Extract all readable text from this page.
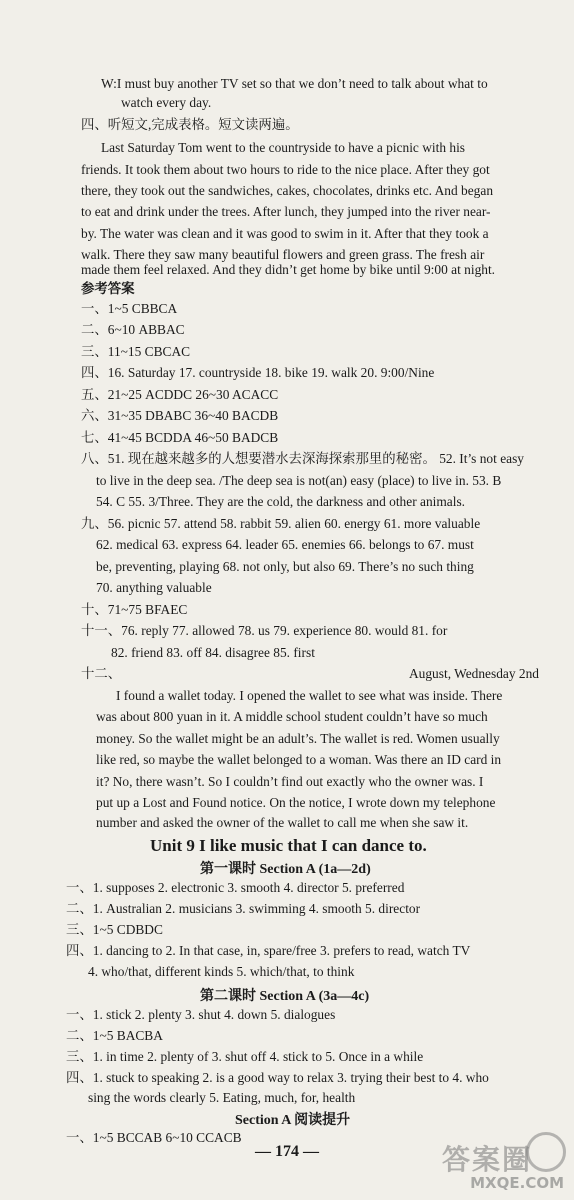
W:I must buy another TV set so that we don’t need to talk about what to
watch every day.
四、听短文,完成表格。短文读两遍。
Last Saturday Tom went to the countryside to have a picnic with his
friends. It took them about two hours to ride to the nice place. After they got
there, they took out the sandwiches, cakes, chocolates, drinks etc. And began
to eat and drink under the trees. After lunch, they jumped into the river near-
by. The water was clean and it was good to swim in it. After that they took a
walk. There they saw many beautiful flowers and green grass. The fresh air
made them feel relaxed. And they didn’t get home by bike until 9:00 at night.
参考答案
一、1~5 CBBCA
二、6~10 ABBAC
三、11~15 CBCAC
四、16. Saturday 17. countryside 18. bike 19. walk 20. 9:00/Nine
五、21~25 ACDDC 26~30 ACACC
六、31~35 DBABC 36~40 BACDB
七、41~45 BCDDA 46~50 BADCB
八、51. 现在越来越多的人想要潜水去深海探索那里的秘密。 52. It’s not easy
to live in the deep sea. /The deep sea is not(an) easy (place) to live in. 53. B
54. C 55. 3/Three. They are the cold, the darkness and other animals.
九、56. picnic 57. attend 58. rabbit 59. alien 60. energy 61. more valuable
62. medical 63. express 64. leader 65. enemies 66. belongs to 67. must
be, preventing, playing 68. not only, but also 69. There’s no such thing
70. anything valuable
十、71~75 BFAEC
十一、76. reply 77. allowed 78. us 79. experience 80. would 81. for
82. friend 83. off 84. disagree 85. first
十二、	August, Wednesday 2nd
I found a wallet today. I opened the wallet to see what was inside. There
was about 800 yuan in it. A middle school student couldn’t have so much
money. So the wallet might be an adult’s. The wallet is red. Women usually
like red, so maybe the wallet belonged to a woman. Was there an ID card in
it? No, there wasn’t. So I couldn’t find out exactly who the owner was. I
put up a Lost and Found notice. On the notice, I wrote down my telephone
number and asked the owner of the wallet to call me when she saw it.
一、1. supposes 2. electronic 3. smooth 4. director 5. preferred
二、1. Australian 2. musicians 3. swimming 4. smooth 5. director
三、1~5 CDBDC
四、1. dancing to 2. In that case, in, spare/free 3. prefers to read, watch TV
4. who/that, different kinds 5. which/that, to think
一、1. stick 2. plenty 3. shut 4. down 5. dialogues
二、1~5 BACBA
三、1. in time 2. plenty of 3. shut off 4. stick to 5. Once in a while
四、1. stuck to speaking 2. is a good way to relax 3. trying their best to 4. who
sing the words clearly 5. Eating, much, for, health
一、1~5 BCCAB 6~10 CCACB
Unit 9 I like music that I can dance to.
第一课时 Section A (1a—2d)
第二课时 Section A (3a—4c)
Section A 阅读提升
— 174 —	答案圈
MXQE.COM
